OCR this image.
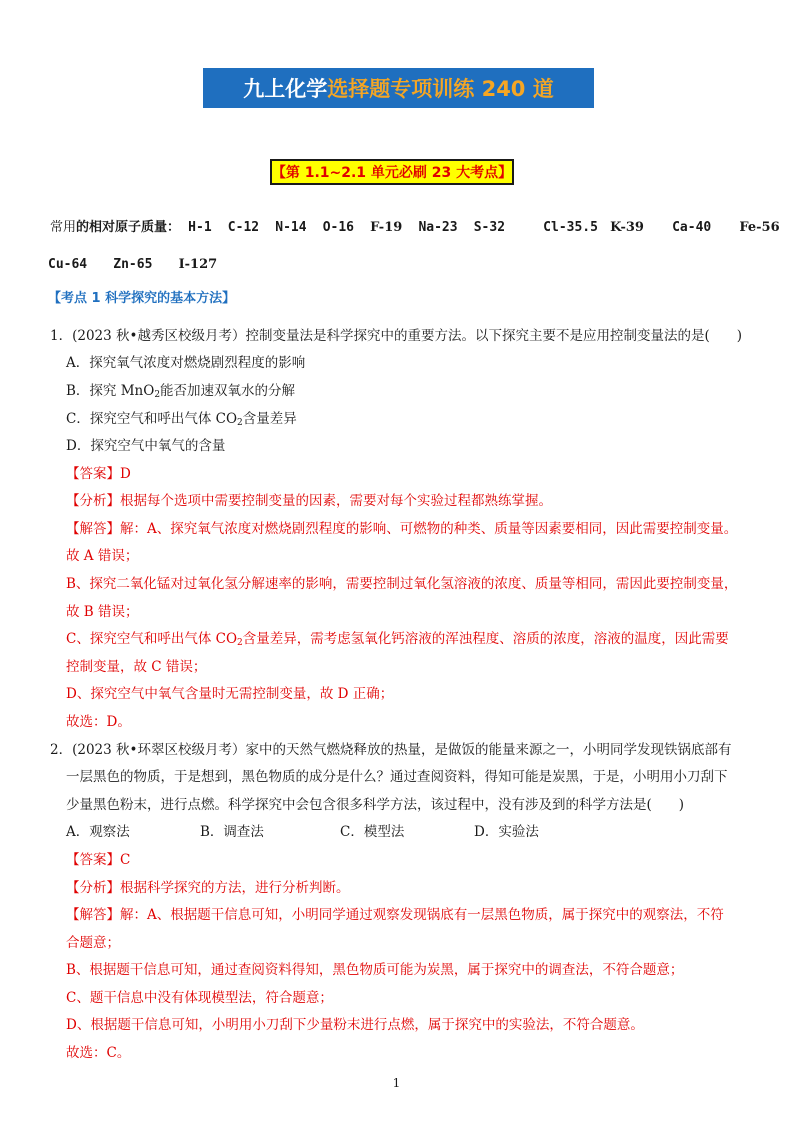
九上化学 选择题专项训练 240 道
【第 1.1~2.1 单元必刷 23 大考点】
常用的相对原子质量： H-1 C-12 N-14 O-16 F-19 Na-23 S-32	Cl-35.5 K-39 Ca-40 Fe-56
Cu-64 Zn-65 I-127
【考点 1 科学探究的基本方法】
1．(2023 秋•越秀区校级月考）控制变量法是科学探究中的重要方法。以下探究主要不是应用控制变量法的是(　　)
A．探究氧气浓度对燃烧剧烈程度的影响
B．探究 MnO$_2$能否加速双氧水的分解
C．探究空气和呼出气体 $CO_2$含量差异
D．探究空气中氧气的含量
【答案】D
【分析】根据每个选项中需要控制变量的因素，需要对每个实验过程都熟练掌握。
【解答】解：A、探究氧气浓度对燃烧剧烈程度的影响、可燃物的种类、质量等因素要相同，因此需要控制变量。
故 A 错误；
B、探究二氧化锰对过氧化氢分解速率的影响，需要控制过氧化氢溶液的浓度、质量等相同，需因此要控制变量，
故 B 错误；
C、探究空气和呼出气体 $CO_2$含量差异，需考虑氢氧化钙溶液的浑浊程度、溶质的浓度，溶液的温度，因此需要
控制变量，故 C 错误；
D、探究空气中氧气含量时无需控制变量，故 D 正确；
故选：D。
2．(2023 秋•环翠区校级月考）家中的天然气燃烧释放的热量，是做饭的能量来源之一，小明同学发现铁锅底部有
一层黑色的物质，于是想到，黑色物质的成分是什么？通过查阅资料，得知可能是炭黑，于是，小明用小刀刮下
少量黑色粉末，进行点燃。科学探究中会包含很多科学方法，该过程中，没有涉及到的科学方法是(　　)
A．观察法	B．调查法	C．模型法	D．实验法
【答案】C
【分析】根据科学探究的方法，进行分析判断。
【解答】解：A、根据题干信息可知，小明同学通过观察发现锅底有一层黑色物质，属于探究中的观察法，不符
合题意；
B、根据题干信息可知，通过查阅资料得知，黑色物质可能为炭黑，属于探究中的调查法，不符合题意；
C、题干信息中没有体现模型法，符合题意；
D、根据题干信息可知，小明用小刀刮下少量粉末进行点燃，属于探究中的实验法，不符合题意。
故选：C。
1
